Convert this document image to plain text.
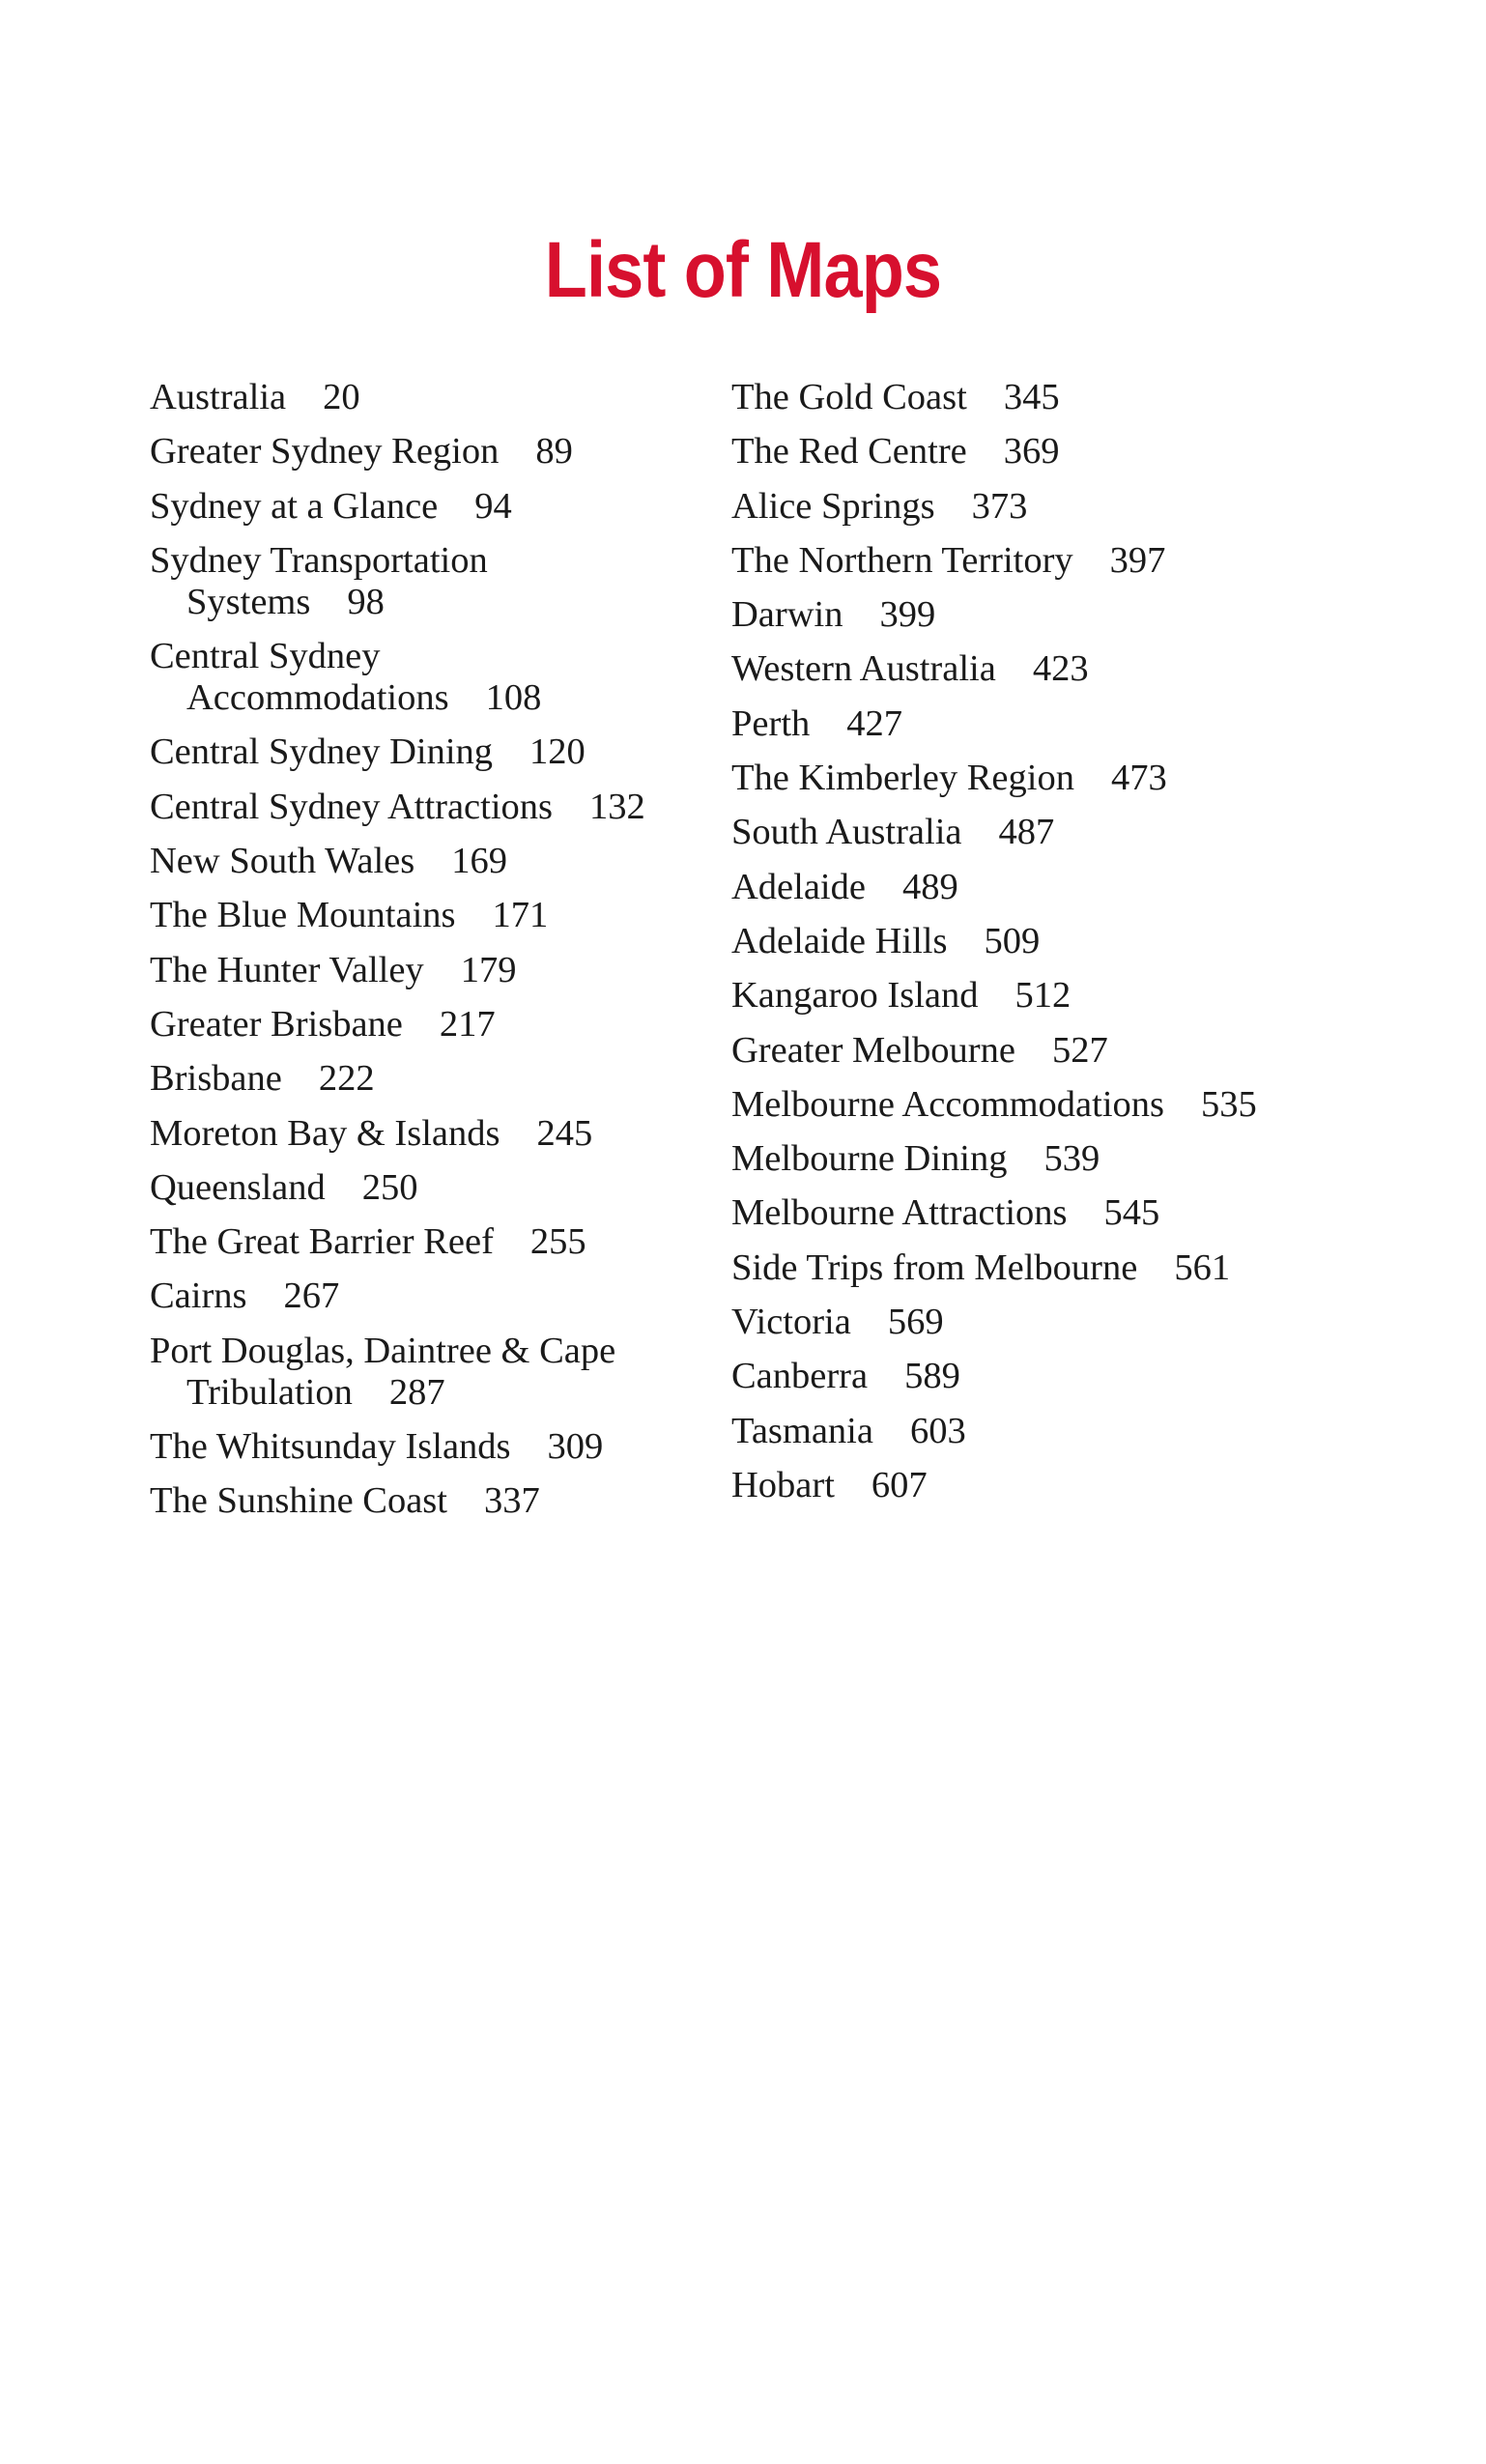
List of Maps
Australia 20
Greater Sydney Region 89
Sydney at a Glance 94
Sydney Transportation Systems 98
Central Sydney Accommodations 108
Central Sydney Dining 120
Central Sydney Attractions 132
New South Wales 169
The Blue Mountains 171
The Hunter Valley 179
Greater Brisbane 217
Brisbane 222
Moreton Bay & Islands 245
Queensland 250
The Great Barrier Reef 255
Cairns 267
Port Douglas, Daintree & Cape Tribulation 287
The Whitsunday Islands 309
The Sunshine Coast 337
The Gold Coast 345
The Red Centre 369
Alice Springs 373
The Northern Territory 397
Darwin 399
Western Australia 423
Perth 427
The Kimberley Region 473
South Australia 487
Adelaide 489
Adelaide Hills 509
Kangaroo Island 512
Greater Melbourne 527
Melbourne Accommodations 535
Melbourne Dining 539
Melbourne Attractions 545
Side Trips from Melbourne 561
Victoria 569
Canberra 589
Tasmania 603
Hobart 607
